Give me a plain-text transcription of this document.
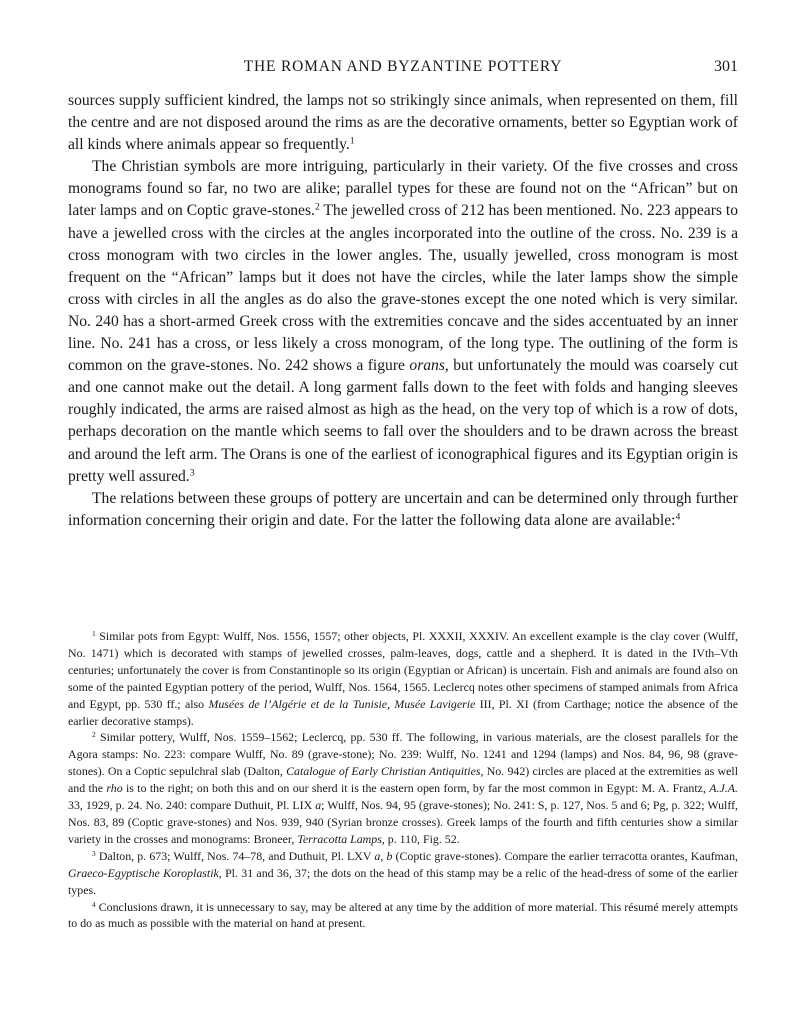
THE ROMAN AND BYZANTINE POTTERY	301

sources supply sufficient kindred, the lamps not so strikingly since animals, when represented on them, fill the centre and are not disposed around the rims as are the decorative ornaments, better so Egyptian work of all kinds where animals appear so frequently.$^1$

The Christian symbols are more intriguing, particularly in their variety. Of the five crosses and cross monograms found so far, no two are alike; parallel types for these are found not on the “African” but on later lamps and on Coptic grave-stones.$^2$ The jewelled cross of 212 has been mentioned. No. 223 appears to have a jewelled cross with the circles at the angles incorporated into the outline of the cross. No. 239 is a cross monogram with two circles in the lower angles. The, usually jewelled, cross monogram is most frequent on the “African” lamps but it does not have the circles, while the later lamps show the simple cross with circles in all the angles as do also the grave-stones except the one noted which is very similar. No. 240 has a short-armed Greek cross with the extremities concave and the sides accentuated by an inner line. No. 241 has a cross, or less likely a cross monogram, of the long type. The outlining of the form is common on the grave-stones. No. 242 shows a figure orans, but unfortunately the mould was coarsely cut and one cannot make out the detail. A long garment falls down to the feet with folds and hanging sleeves roughly indicated, the arms are raised almost as high as the head, on the very top of which is a row of dots, perhaps decoration on the mantle which seems to fall over the shoulders and to be drawn across the breast and around the left arm. The Orans is one of the earliest of iconographical figures and its Egyptian origin is pretty well assured.$^3$

The relations between these groups of pottery are uncertain and can be determined only through further information concerning their origin and date. For the latter the following data alone are available:$^4$

$^1$ Similar pots from Egypt: Wulff, Nos. 1556, 1557; other objects, Pl. XXXII, XXXIV. An excellent example is the clay cover (Wulff, No. 1471) which is decorated with stamps of jewelled crosses, palm-leaves, dogs, cattle and a shepherd. It is dated in the IVth–Vth centuries; unfortunately the cover is from Constantinople so its origin (Egyptian or African) is uncertain. Fish and animals are found also on some of the painted Egyptian pottery of the period, Wulff, Nos. 1564, 1565. Leclercq notes other specimens of stamped animals from Africa and Egypt, pp. 530 ff.; also Musées de l’Algérie et de la Tunisie, Musée Lavigerie III, Pl. XI (from Carthage; notice the absence of the earlier decorative stamps).

$^2$ Similar pottery, Wulff, Nos. 1559–1562; Leclercq, pp. 530 ff. The following, in various materials, are the closest parallels for the Agora stamps: No. 223: compare Wulff, No. 89 (grave-stone); No. 239: Wulff, No. 1241 and 1294 (lamps) and Nos. 84, 96, 98 (grave-stones). On a Coptic sepulchral slab (Dalton, Catalogue of Early Christian Antiquities, No. 942) circles are placed at the extremities as well and the rho is to the right; on both this and on our sherd it is the eastern open form, by far the most common in Egypt: M. A. Frantz, A.J.A. 33, 1929, p. 24. No. 240: compare Duthuit, Pl. LIX a; Wulff, Nos. 94, 95 (grave-stones); No. 241: S, p. 127, Nos. 5 and 6; Pg, p. 322; Wulff, Nos. 83, 89 (Coptic grave-stones) and Nos. 939, 940 (Syrian bronze crosses). Greek lamps of the fourth and fifth centuries show a similar variety in the crosses and monograms: Broneer, Terracotta Lamps, p. 110, Fig. 52.

$^3$ Dalton, p. 673; Wulff, Nos. 74–78, and Duthuit, Pl. LXV a, b (Coptic grave-stones). Compare the earlier terracotta orantes, Kaufman, Graeco-Egyptische Koroplastik, Pl. 31 and 36, 37; the dots on the head of this stamp may be a relic of the head-dress of some of the earlier types.

$^4$ Conclusions drawn, it is unnecessary to say, may be altered at any time by the addition of more material. This résumé merely attempts to do as much as possible with the material on hand at present.
